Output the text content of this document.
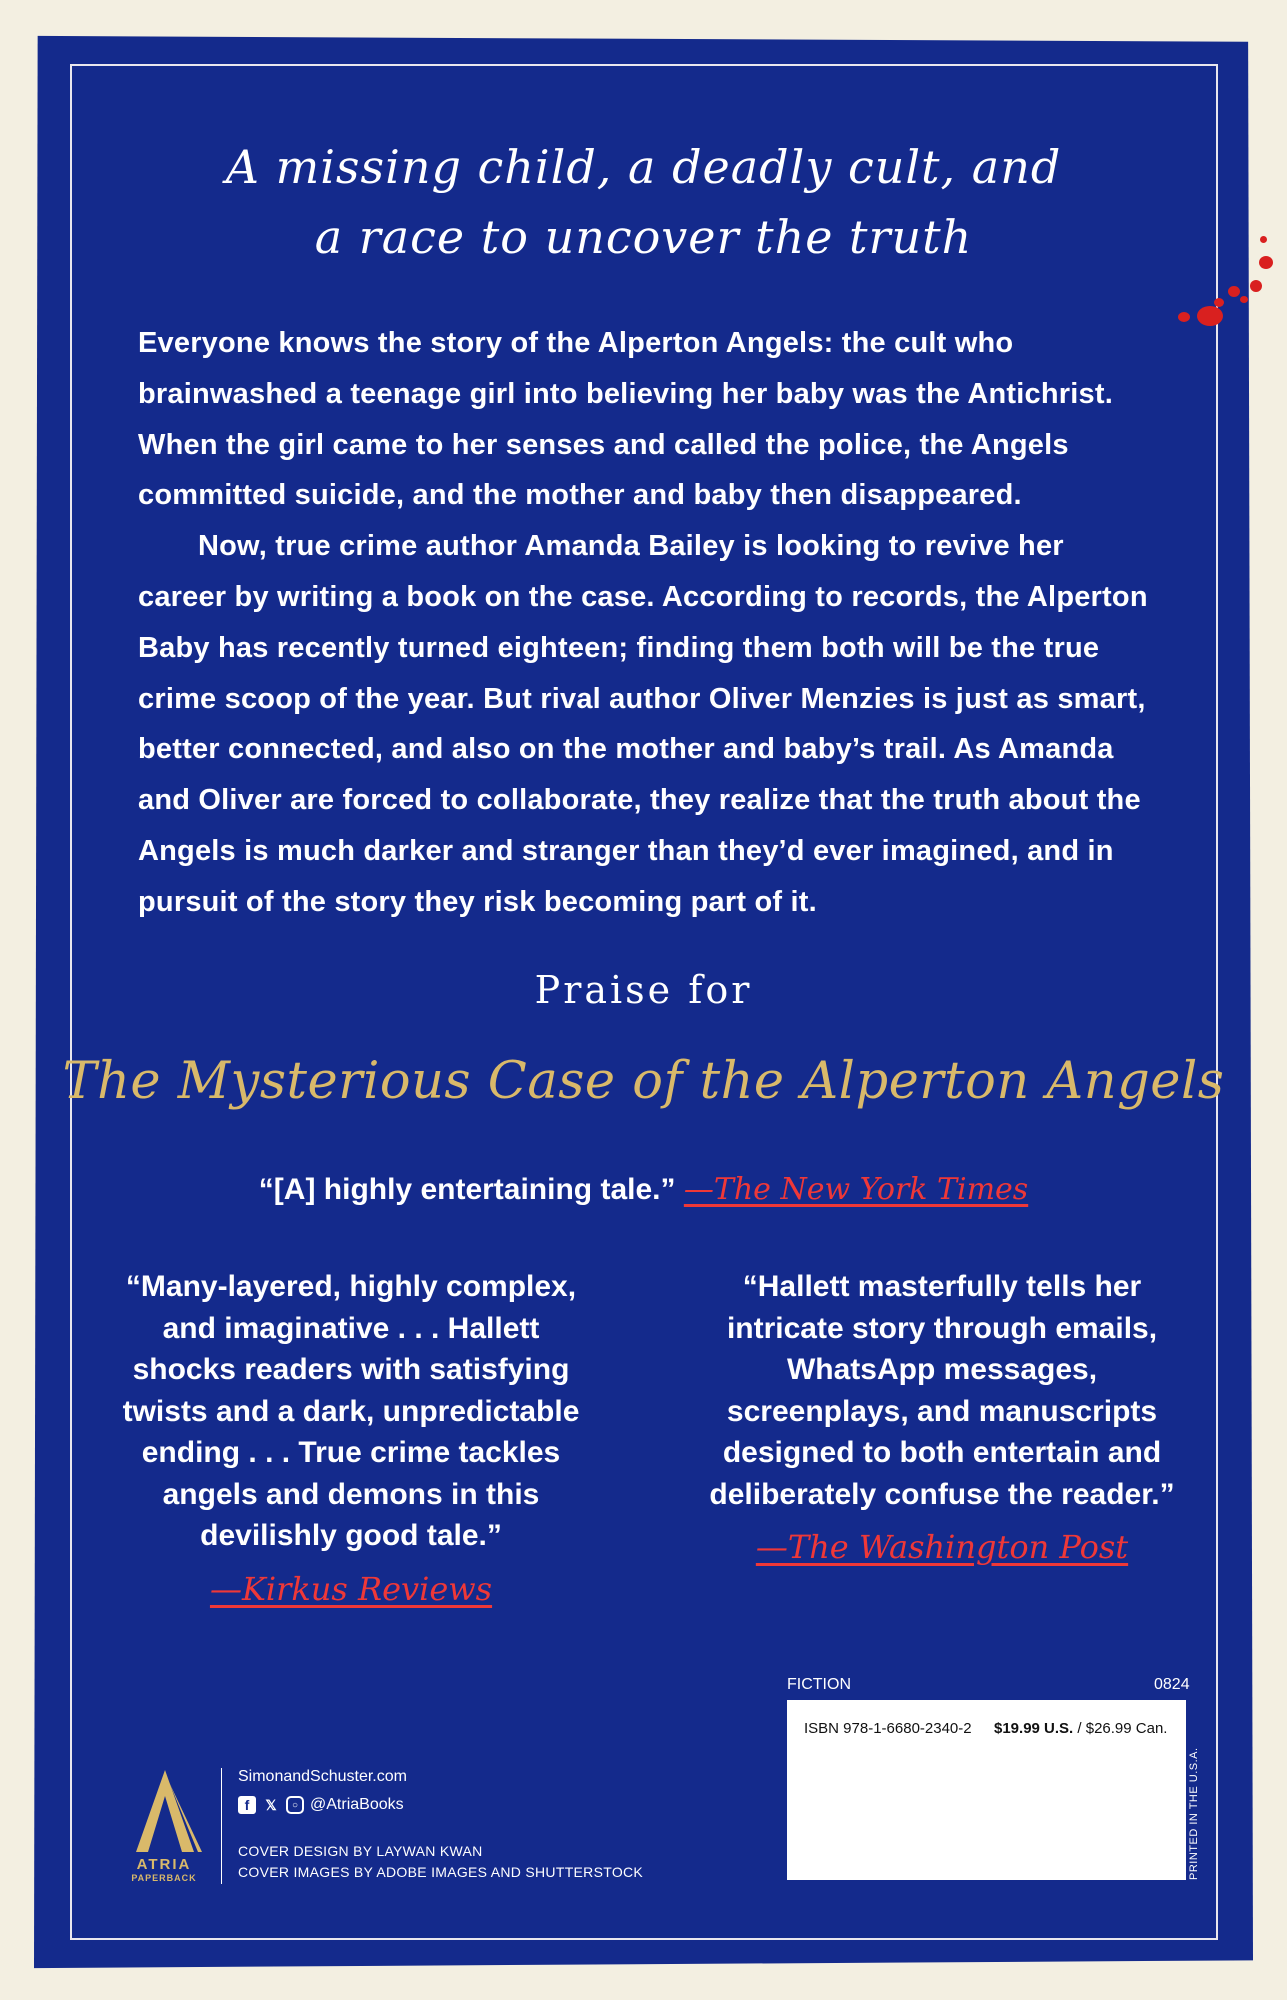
A missing child, a deadly cult, and
a race to uncover the truth

Everyone knows the story of the Alperton Angels: the cult who brainwashed a teenage girl into believing her baby was the Antichrist. When the girl came to her senses and called the police, the Angels committed suicide, and the mother and baby then disappeared.

Now, true crime author Amanda Bailey is looking to revive her career by writing a book on the case. According to records, the Alperton Baby has recently turned eighteen; finding them both will be the true crime scoop of the year. But rival author Oliver Menzies is just as smart, better connected, and also on the mother and baby’s trail. As Amanda and Oliver are forced to collaborate, they realize that the truth about the Angels is much darker and stranger than they’d ever imagined, and in pursuit of the story they risk becoming part of it.

Praise for
The Mysterious Case of the Alperton Angels
“[A] highly entertaining tale.” —The New York Times
“Many-layered, highly complex, and imaginative . . . Hallett shocks readers with satisfying twists and a dark, unpredictable ending . . . True crime tackles angels and demons in this devilishly good tale.”
—Kirkus Reviews
“Hallett masterfully tells her intricate story through emails, WhatsApp messages, screenplays, and manuscripts designed to both entertain and deliberately confuse the reader.”
—The Washington Post
ATRIA
PAPERBACK
SimonandSchuster.com
f	𝕏	○ @AtriaBooks
COVER DESIGN BY LAYWAN KWAN
COVER IMAGES BY ADOBE IMAGES AND SHUTTERSTOCK
FICTION	0824
ISBN 978-1-6680-2340-2 $19.99 U.S. / $26.99 Can.
PRINTED IN THE U.S.A.
